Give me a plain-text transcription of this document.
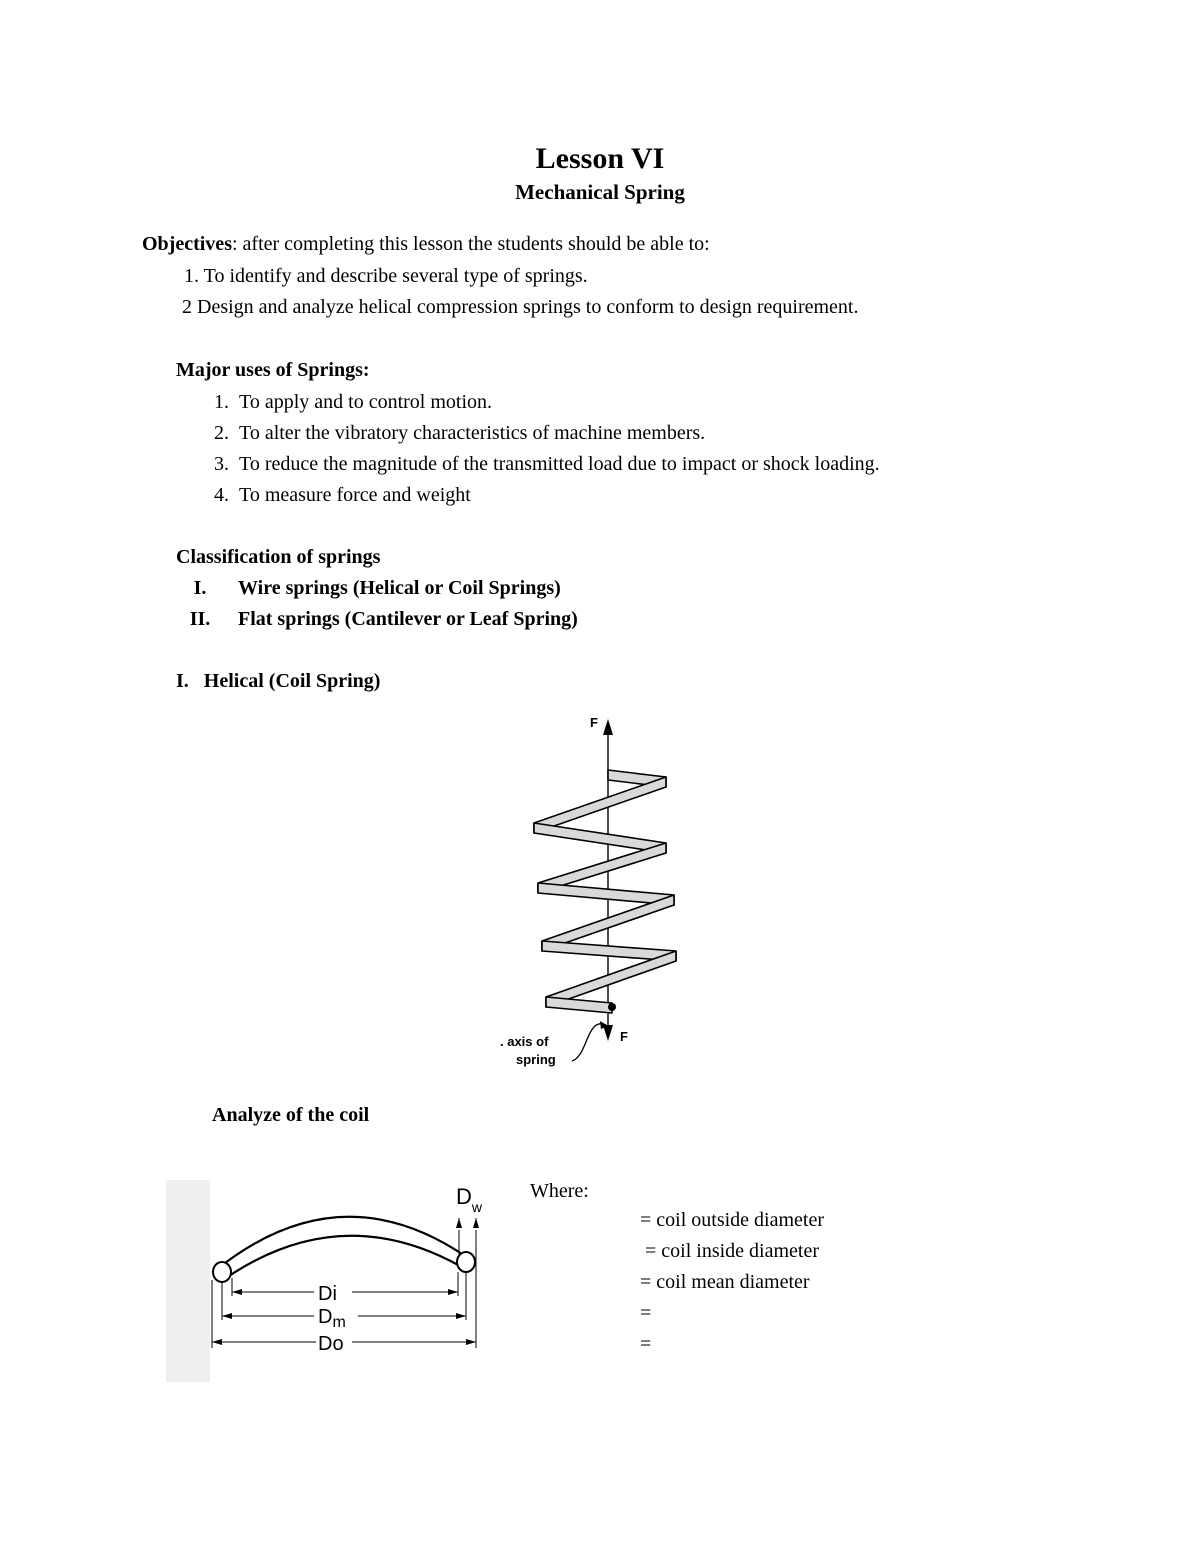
Lesson VI
Mechanical Spring
Objectives: after completing this lesson the students should be able to:
1. To identify and describe several type of springs.
2 Design and analyze helical compression springs to conform to design requirement.
Major uses of Springs:
1. To apply and to control motion.
2. To alter the vibratory characteristics of machine members.
3. To reduce the magnitude of the transmitted load due to impact or shock loading.
4. To measure force and weight
Classification of springs
I. Wire springs (Helical or Coil Springs)
II. Flat springs (Cantilever or Leaf Spring)
I. Helical (Coil Spring)
F
F
. axis of
spring
Analyze of the coil
$D_w$
Di
$D_m$
Do
Where:
= coil outside diameter
= coil inside diameter
= coil mean diameter
=
=
